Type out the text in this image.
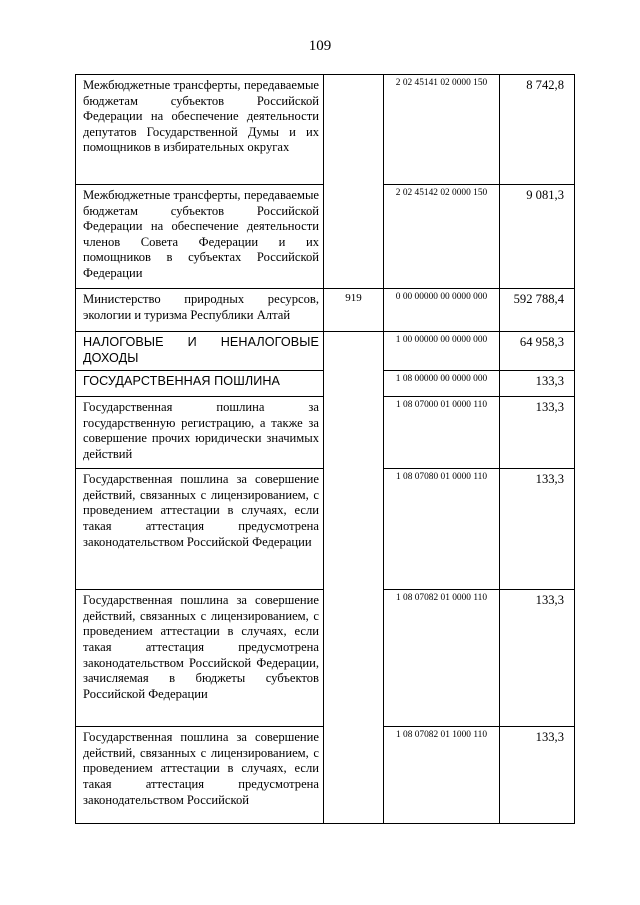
109
Межбюджетные трансферты, передаваемые бюджетам субъектов Российской Федерации на обеспечение деятельности депутатов Государственной Думы и их помощников в избирательных округах		2 02 45141 02 0000 150	8 742,8
Межбюджетные трансферты, передаваемые бюджетам субъектов Российской Федерации на обеспечение деятельности членов Совета Федерации и их помощников в субъектах Российской Федерации		2 02 45142 02 0000 150	9 081,3
Министерство природных ресурсов, экологии и туризма Республики Алтай	919	0 00 00000 00 0000 000	592 788,4
НАЛОГОВЫЕ И НЕНАЛОГОВЫЕ ДОХОДЫ		1 00 00000 00 0000 000	64 958,3
ГОСУДАРСТВЕННАЯ ПОШЛИНА		1 08 00000 00 0000 000	133,3
Государственная пошлина за государственную регистрацию, а также за совершение прочих юридически значимых действий		1 08 07000 01 0000 110	133,3
Государственная пошлина за совершение действий, связанных с лицензированием, с проведением аттестации в случаях, если такая аттестация предусмотрена законодательством Российской Федерации		1 08 07080 01 0000 110	133,3
Государственная пошлина за совершение действий, связанных с лицензированием, с проведением аттестации в случаях, если такая аттестация предусмотрена законодательством Российской Федерации, зачисляемая в бюджеты субъектов Российской Федерации		1 08 07082 01 0000 110	133,3
Государственная пошлина за совершение действий, связанных с лицензированием, с проведением аттестации в случаях, если такая аттестация предусмотрена законодательством Российской		1 08 07082 01 1000 110	133,3
